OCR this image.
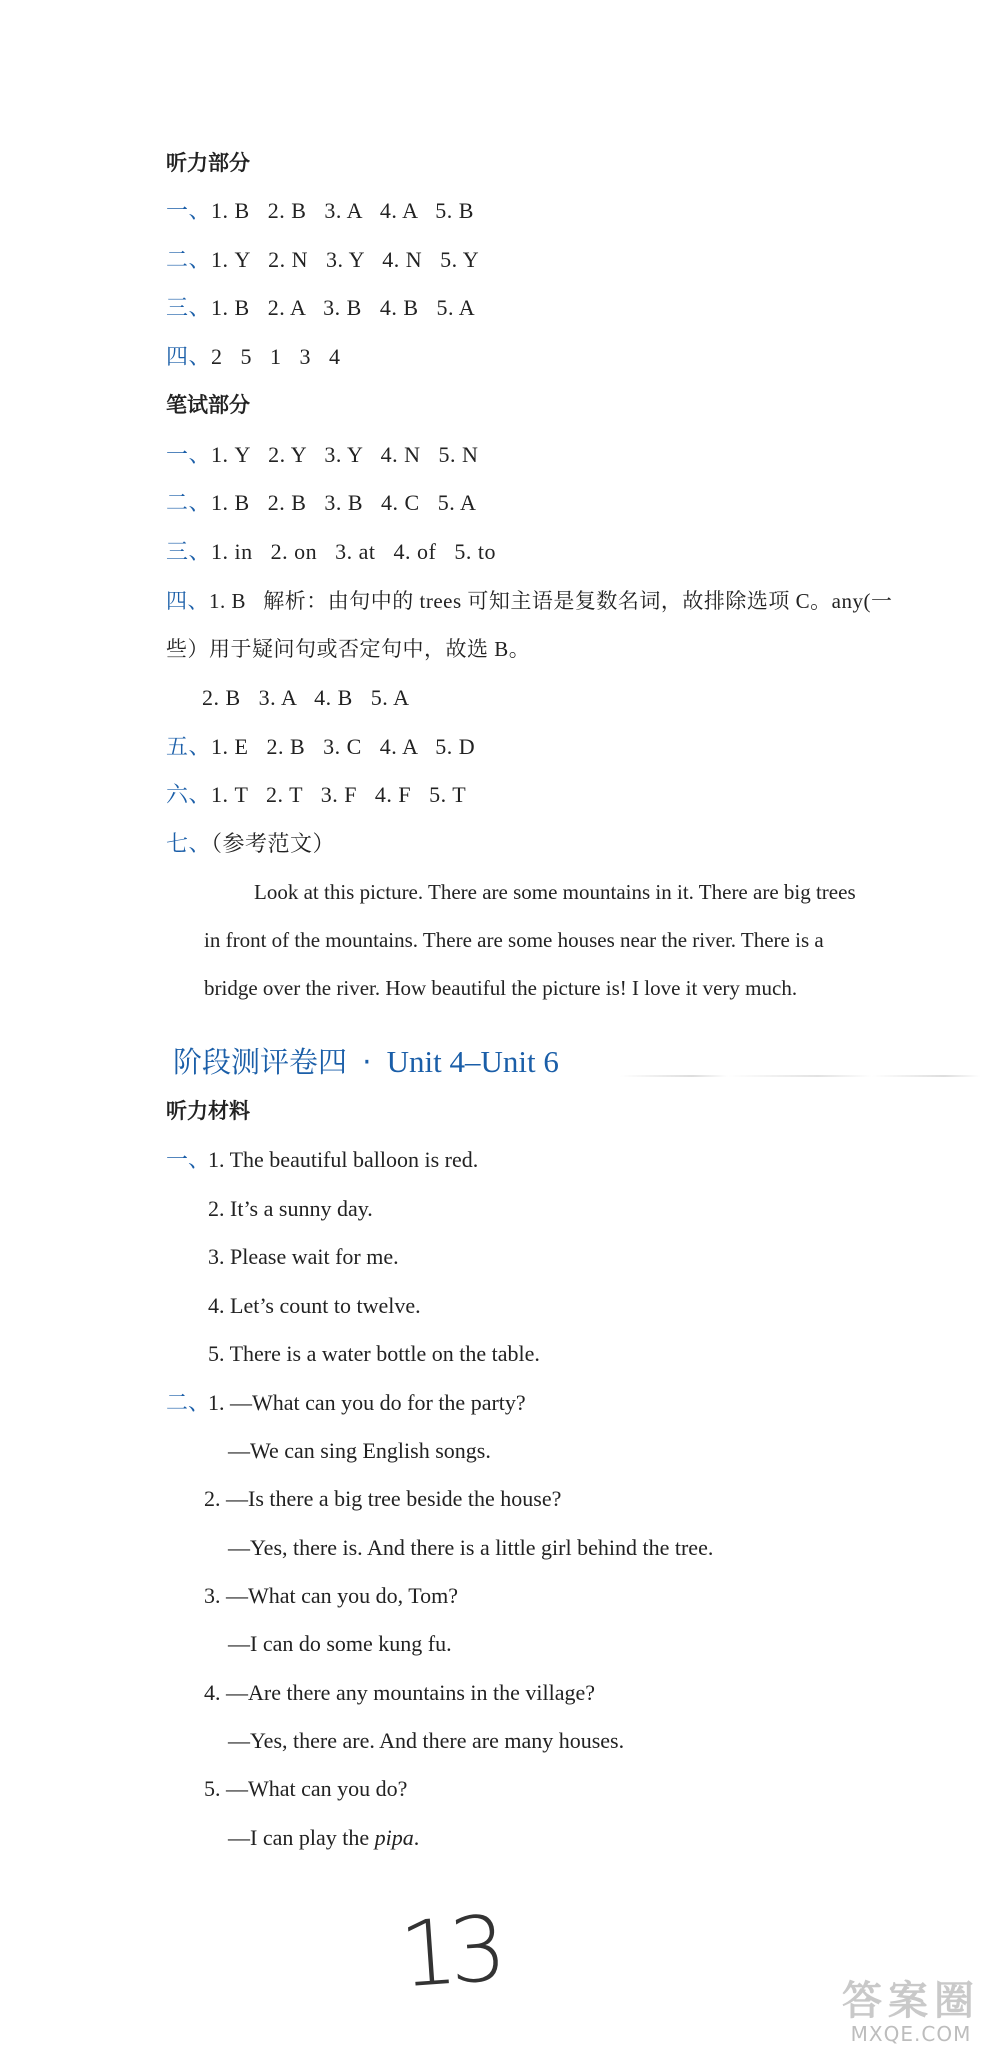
听力部分
一、1. B   2. B   3. A   4. A   5. B
二、1. Y   2. N   3. Y   4. N   5. Y
三、1. B   2. A   3. B   4. B   5. A
四、2   5   1   3   4
笔试部分
一、1. Y   2. Y   3. Y   4. N   5. N
二、1. B   2. B   3. B   4. C   5. A
三、1. in   2. on   3. at   4. of   5. to
四、1. B   解析：由句中的 trees 可知主语是复数名词，故排除选项 C。any(一
些）用于疑问句或否定句中，故选 B。
2. B   3. A   4. B   5. A
五、1. E   2. B   3. C   4. A   5. D
六、1. T   2. T   3. F   4. F   5. T
七、（参考范文）
Look at this picture. There are some mountains in it. There are big trees
in front of the mountains. There are some houses near the river. There is a
bridge over the river. How beautiful the picture is! I love it very much.
阶段测评卷四 · Unit 4–Unit 6
听力材料
一、
1. The beautiful balloon is red.
2. It’s a sunny day.
3. Please wait for me.
4. Let’s count to twelve.
5. There is a water bottle on the table.
二、
1. —What can you do for the party?
—We can sing English songs.
2. —Is there a big tree beside the house?
—Yes, there is. And there is a little girl behind the tree.
3. —What can you do, Tom?
—I can do some kung fu.
4. —Are there any mountains in the village?
—Yes, there are. And there are many houses.
5. —What can you do?
—I can play the pipa.
13	答案圈
MXQE.COM
